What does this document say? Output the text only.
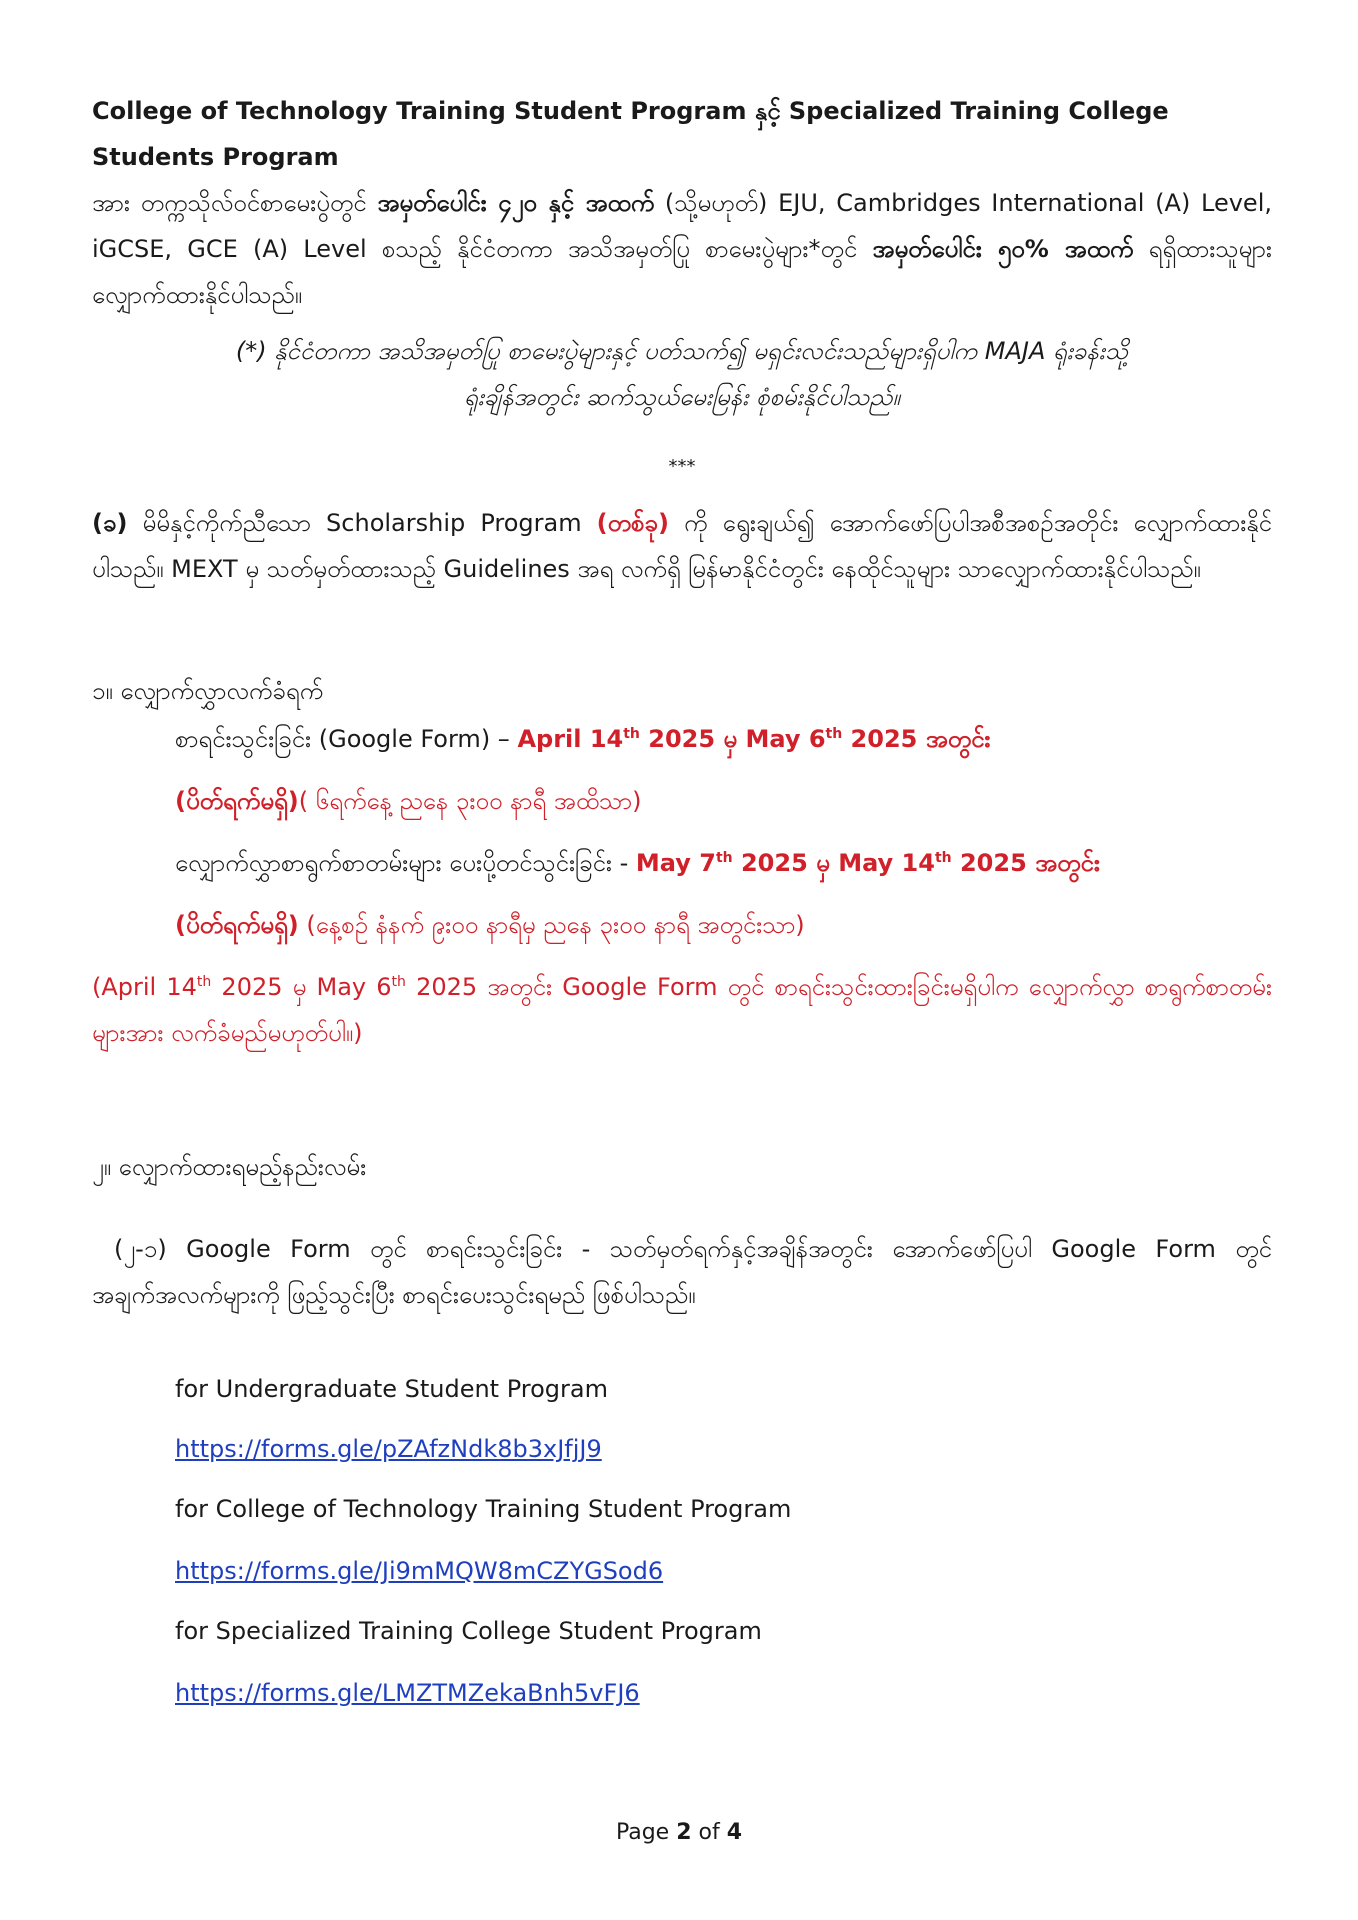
College of Technology Training Student Program နှင့် Specialized Training College Students Program
အား တက္ကသိုလ်ဝင်စာမေးပွဲတွင် အမှတ်ပေါင်း ၄၂၀ နှင့် အထက် (သို့မဟုတ်) EJU, Cambridges International (A) Level, iGCSE, GCE (A) Level စသည့် နိုင်ငံတကာ အသိအမှတ်ပြု စာမေးပွဲများ*တွင် အမှတ်ပေါင်း ၅၀% အထက် ရရှိထားသူများ လျှောက်ထားနိုင်ပါသည်။
(*) နိုင်ငံတကာ အသိအမှတ်ပြု စာမေးပွဲများနှင့် ပတ်သက်၍ မရှင်းလင်းသည်များရှိပါက MAJA ရုံးခန်းသို့
ရုံးချိန်အတွင်း ဆက်သွယ်မေးမြန်း စုံစမ်းနိုင်ပါသည်။
***
(ခ) မိမိနှင့်ကိုက်ညီသော Scholarship Program (တစ်ခု) ကို ရွေးချယ်၍ အောက်ဖော်ပြပါအစီအစဥ်အတိုင်း လျှောက်ထားနိုင်ပါသည်။ MEXT မှ သတ်မှတ်ထားသည့် Guidelines အရ လက်ရှိ မြန်မာနိုင်ငံတွင်း နေထိုင်သူများ သာလျှောက်ထားနိုင်ပါသည်။
၁။ လျှောက်လွှာလက်ခံရက်
စာရင်းသွင်းခြင်း (Google Form) – April 14th 2025 မှ May 6th 2025 အတွင်း
(ပိတ်ရက်မရှိ)( ၆ရက်နေ့ ညနေ ၃း၀၀ နာရီ အထိသာ)
လျှောက်လွှာစာရွက်စာတမ်းများ ပေးပို့တင်သွင်းခြင်း - May 7th 2025 မှ May 14th 2025 အတွင်း
(ပိတ်ရက်မရှိ) (နေ့စဉ် နံနက် ၉း၀၀ နာရီမှ ညနေ ၃း၀၀ နာရီ အတွင်းသာ)
(April 14th 2025 မှ May 6th 2025 အတွင်း Google Form တွင် စာရင်းသွင်းထားခြင်းမရှိပါက လျှောက်လွှာ စာရွက်စာတမ်းများအား လက်ခံမည်မဟုတ်ပါ။)
၂။ လျှောက်ထားရမည့်နည်းလမ်း
(၂-၁) Google Form တွင် စာရင်းသွင်းခြင်း - သတ်မှတ်ရက်နှင့်အချိန်အတွင်း အောက်ဖော်ပြပါ Google Form တွင် အချက်အလက်များကို ဖြည့်သွင်းပြီး စာရင်းပေးသွင်းရမည် ဖြစ်ပါသည်။
for Undergraduate Student Program
https://forms.gle/pZAfzNdk8b3xJfjJ9
for College of Technology Training Student Program
https://forms.gle/Ji9mMQW8mCZYGSod6
for Specialized Training College Student Program
https://forms.gle/LMZTMZekaBnh5vFJ6
Page 2 of 4
